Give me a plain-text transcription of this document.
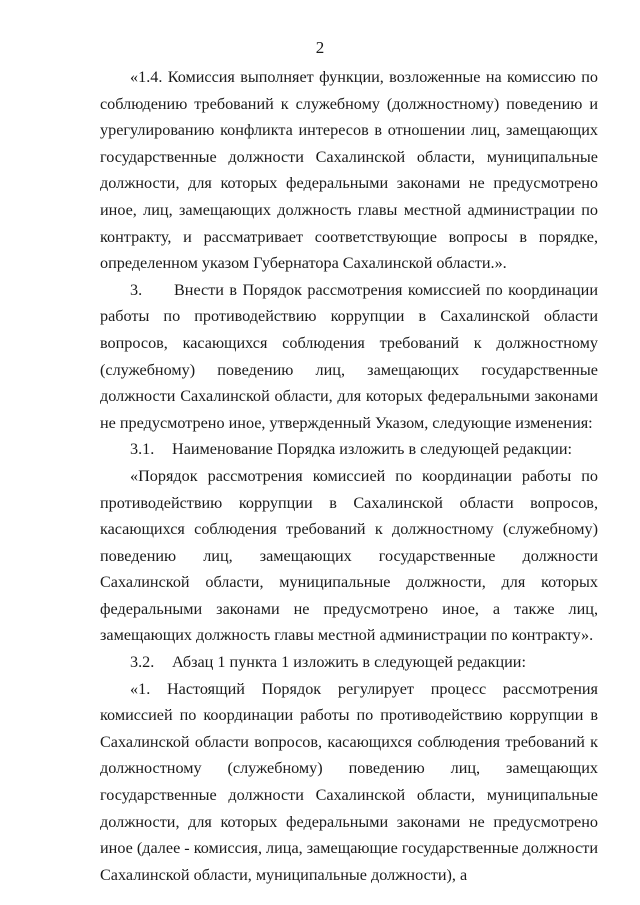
2

«1.4. Комиссия выполняет функции, возложенные на комиссию по соблюдению требований к служебному (должностному) поведению и урегулированию конфликта интересов в отношении лиц, замещающих государственные должности Сахалинской области, муниципальные должности, для которых федеральными законами не предусмотрено иное, лиц, замещающих должность главы местной администрации по контракту, и рассматривает соответствующие вопросы в порядке, определенном указом Губернатора Сахалинской области.».

3. Внести в Порядок рассмотрения комиссией по координации работы по противодействию коррупции в Сахалинской области вопросов, касающихся соблюдения требований к должностному (служебному) поведению лиц, замещающих государственные должности Сахалинской области, для которых федеральными законами не предусмотрено иное, утвержденный Указом, следующие изменения:

3.1. Наименование Порядка изложить в следующей редакции:

«Порядок рассмотрения комиссией по координации работы по противодействию коррупции в Сахалинской области вопросов, касающихся соблюдения требований к должностному (служебному) поведению лиц, замещающих государственные должности Сахалинской области, муниципальные должности, для которых федеральными законами не предусмотрено иное, а также лиц, замещающих должность главы местной администрации по контракту».

3.2. Абзац 1 пункта 1 изложить в следующей редакции:

«1. Настоящий Порядок регулирует процесс рассмотрения комиссией по координации работы по противодействию коррупции в Сахалинской области вопросов, касающихся соблюдения требований к должностному (служебному) поведению лиц, замещающих государственные должности Сахалинской области, муниципальные должности, для которых федеральными законами не предусмотрено иное (далее - комиссия, лица, замещающие государственные должности Сахалинской области, муниципальные должности), а
